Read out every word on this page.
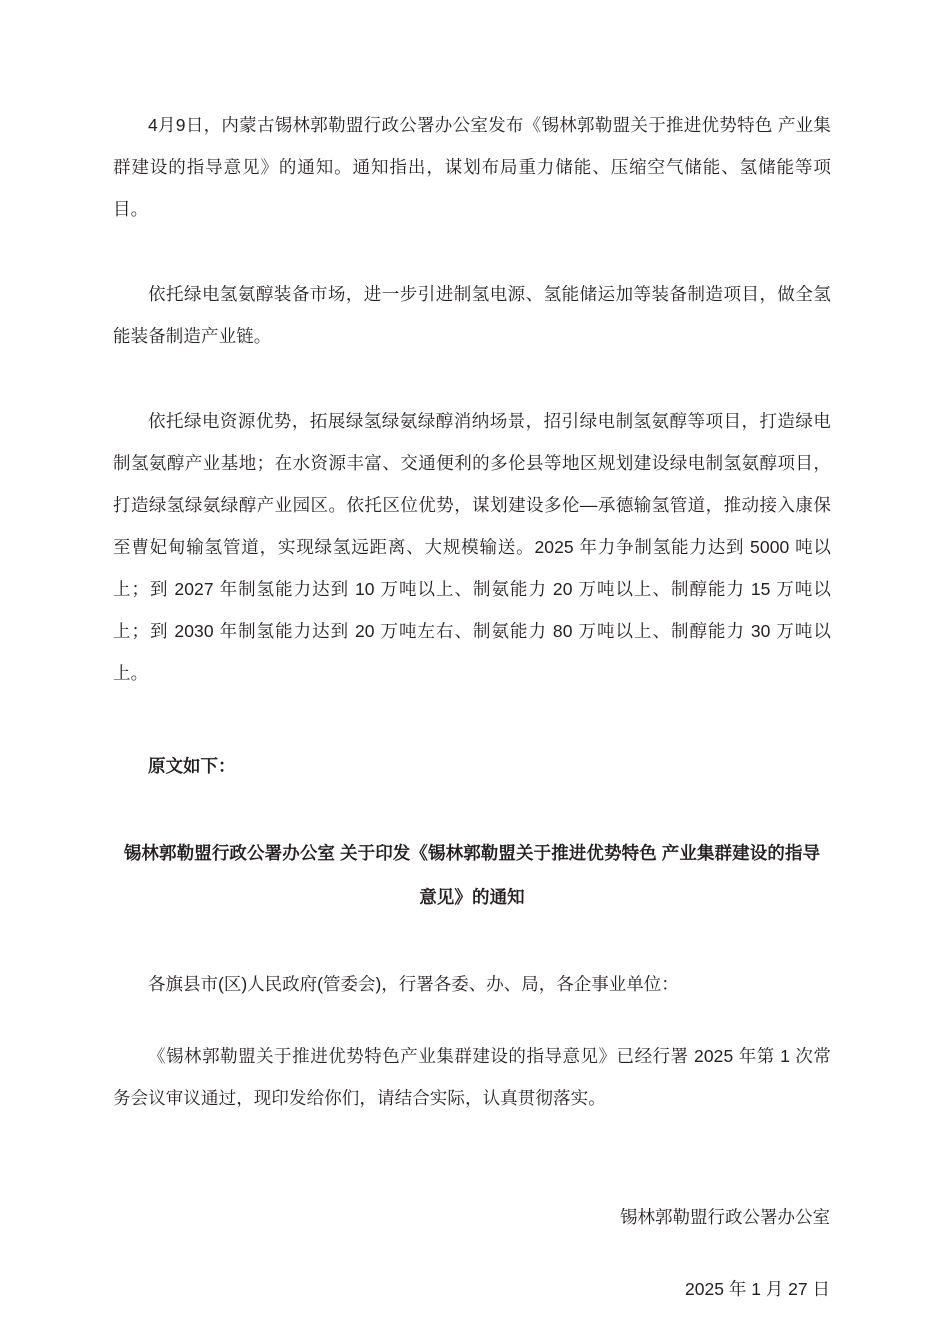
4月9日，内蒙古锡林郭勒盟行政公署办公室发布《锡林郭勒盟关于推进优势特色 产业集群建设的指导意见》的通知。通知指出，谋划布局重力储能、压缩空气储能、氢储能等项目。

依托绿电氢氨醇装备市场，进一步引进制氢电源、氢能储运加等装备制造项目，做全氢能装备制造产业链。

依托绿电资源优势，拓展绿氢绿氨绿醇消纳场景，招引绿电制氢氨醇等项目，打造绿电制氢氨醇产业基地；在水资源丰富、交通便利的多伦县等地区规划建设绿电制氢氨醇项目，打造绿氢绿氨绿醇产业园区。依托区位优势，谋划建设多伦—承德输氢管道，推动接入康保至曹妃甸输氢管道，实现绿氢远距离、大规模输送。2025 年力争制氢能力达到 5000 吨以上；到 2027 年制氢能力达到 10 万吨以上、制氨能力 20 万吨以上、制醇能力 15 万吨以上；到 2030 年制氢能力达到 20 万吨左右、制氨能力 80 万吨以上、制醇能力 30 万吨以上。

原文如下：

锡林郭勒盟行政公署办公室 关于印发《锡林郭勒盟关于推进优势特色 产业集群建设的指导意见》的通知

各旗县市(区)人民政府(管委会)，行署各委、办、局，各企事业单位：

《锡林郭勒盟关于推进优势特色产业集群建设的指导意见》已经行署 2025 年第 1 次常务会议审议通过，现印发给你们，请结合实际，认真贯彻落实。

锡林郭勒盟行政公署办公室

2025 年 1 月 27 日
